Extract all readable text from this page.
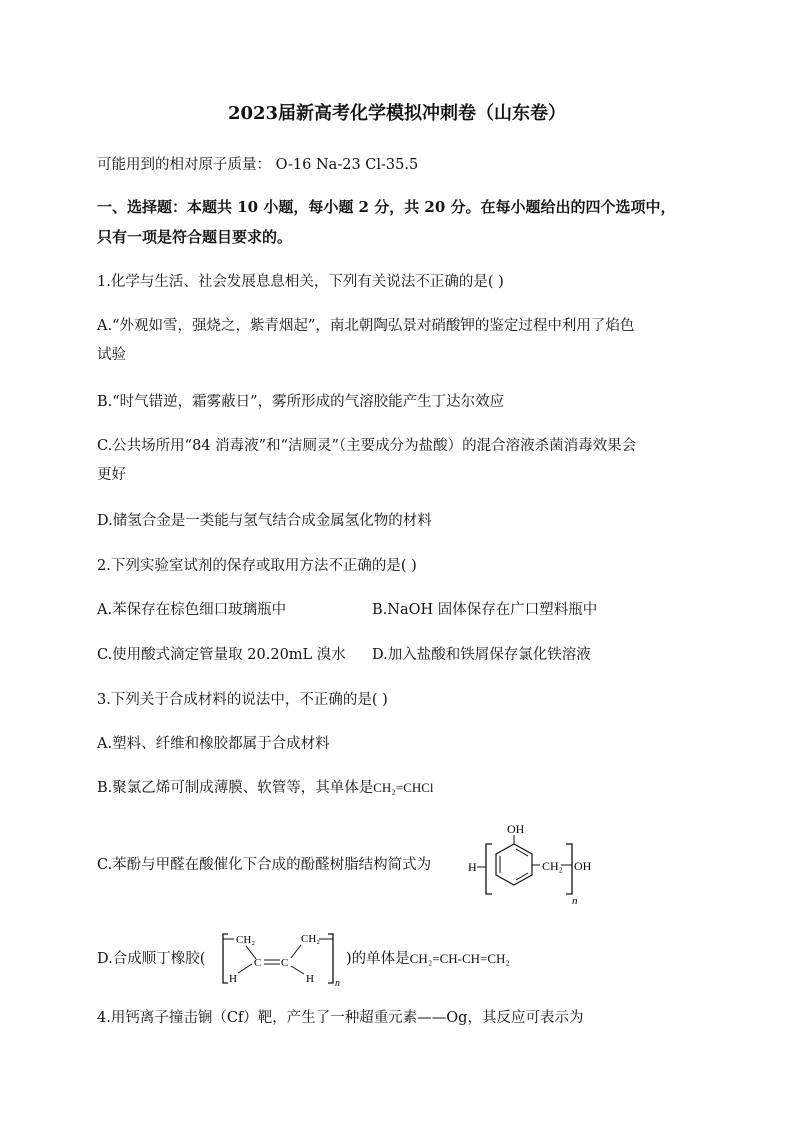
2023届新高考化学模拟冲刺卷（山东卷）
可能用到的相对原子质量： O-16 Na-23 Cl-35.5
一、选择题：本题共 10 小题，每小题 2 分，共 20 分。在每小题给出的四个选项中，
只有一项是符合题目要求的。
1.化学与生活、社会发展息息相关，下列有关说法不正确的是( )
A.“外观如雪，强烧之，紫青烟起”，南北朝陶弘景对硝酸钾的鉴定过程中利用了焰色
试验
B.“时气错逆，霜雾蔽日”，雾所形成的气溶胶能产生丁达尔效应
C.公共场所用“84 消毒液”和“洁厕灵”（主要成分为盐酸）的混合溶液杀菌消毒效果会
更好
D.储氢合金是一类能与氢气结合成金属氢化物的材料
2.下列实验室试剂的保存或取用方法不正确的是( )
A.苯保存在棕色细口玻璃瓶中	B.NaOH 固体保存在广口塑料瓶中
C.使用酸式滴定管量取 20.20mL 溴水 D.加入盐酸和铁屑保存氯化铁溶液
3.下列关于合成材料的说法中，不正确的是( )
A.塑料、纤维和橡胶都属于合成材料
B.聚氯乙烯可制成薄膜、软管等，其单体是CH₂=CHCl
C.苯酚与甲醛在酸催化下合成的酚醛树脂结构简式为	H
OH
CH₂ OH
n
D.合成顺丁橡胶(
CH₂
H
C C
CH₂
H n
)的单体是CH₂=CH-CH=CH₂
4.用钙离子撞击锎（Cf）靶，产生了一种超重元素——Og，其反应可表示为
